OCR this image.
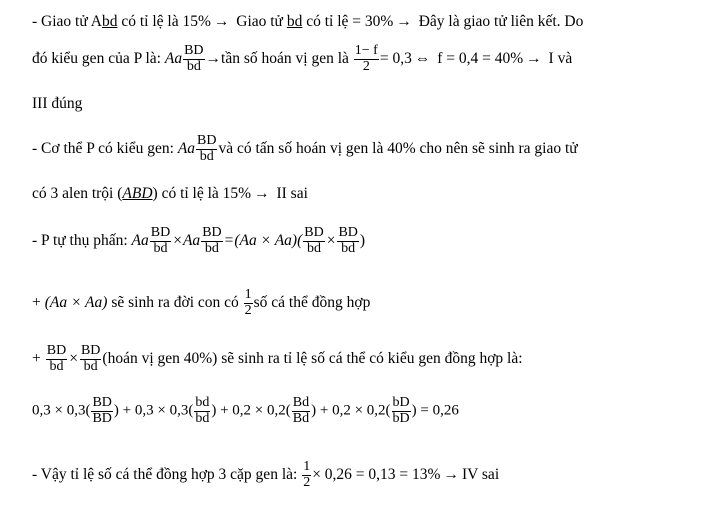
- Giao tử Abd có tỉ lệ là 15% → Giao tử bd có tỉ lệ = 30% → Đây là giao tử liên kết. Do
đó kiểu gen của P là: Aa $\frac{BD}{bd}$ →tần số hoán vị gen là $\frac{1- f}{2} = 0,3$ ⇔ f = 0,4 = 40% → I và
III đúng
- Cơ thể P có kiểu gen: Aa $\frac{BD}{bd}$ và có tấn số hoán vị gen là 40% cho nên sẽ sinh ra giao tử
có 3 alen trội (ABD) có tỉ lệ là 15% → II sai
- P tự thụ phấn: Aa $\frac{BD}{bd} \times Aa \frac{BD}{bd} =(Aa \times Aa)( \frac{BD}{bd} \times \frac{BD}{bd}$ )
+ (Aa × Aa) sẽ sinh ra đời con có $\frac{1}{2}$ số cá thể đồng hợp
+ $\frac{BD}{bd} \times \frac{BD}{bd}$ (hoán vị gen 40%) sẽ sinh ra tỉ lệ số cá thể có kiểu gen đồng hợp là:
$0,3 \times 0,3( \frac{BD}{BD}$ ) + $0,3 \times 0,3( \frac{bd}{bd}$ ) + $0,2 \times 0,2( \frac{Bd}{Bd}$ ) + $0,2 \times 0,2( \frac{bD}{bD}$ ) = 0,26
- Vậy tỉ lệ số cá thể đồng hợp 3 cặp gen là: $\frac{1}{2} \times 0,26 = 0,13 = 13\%$ → IV sai
